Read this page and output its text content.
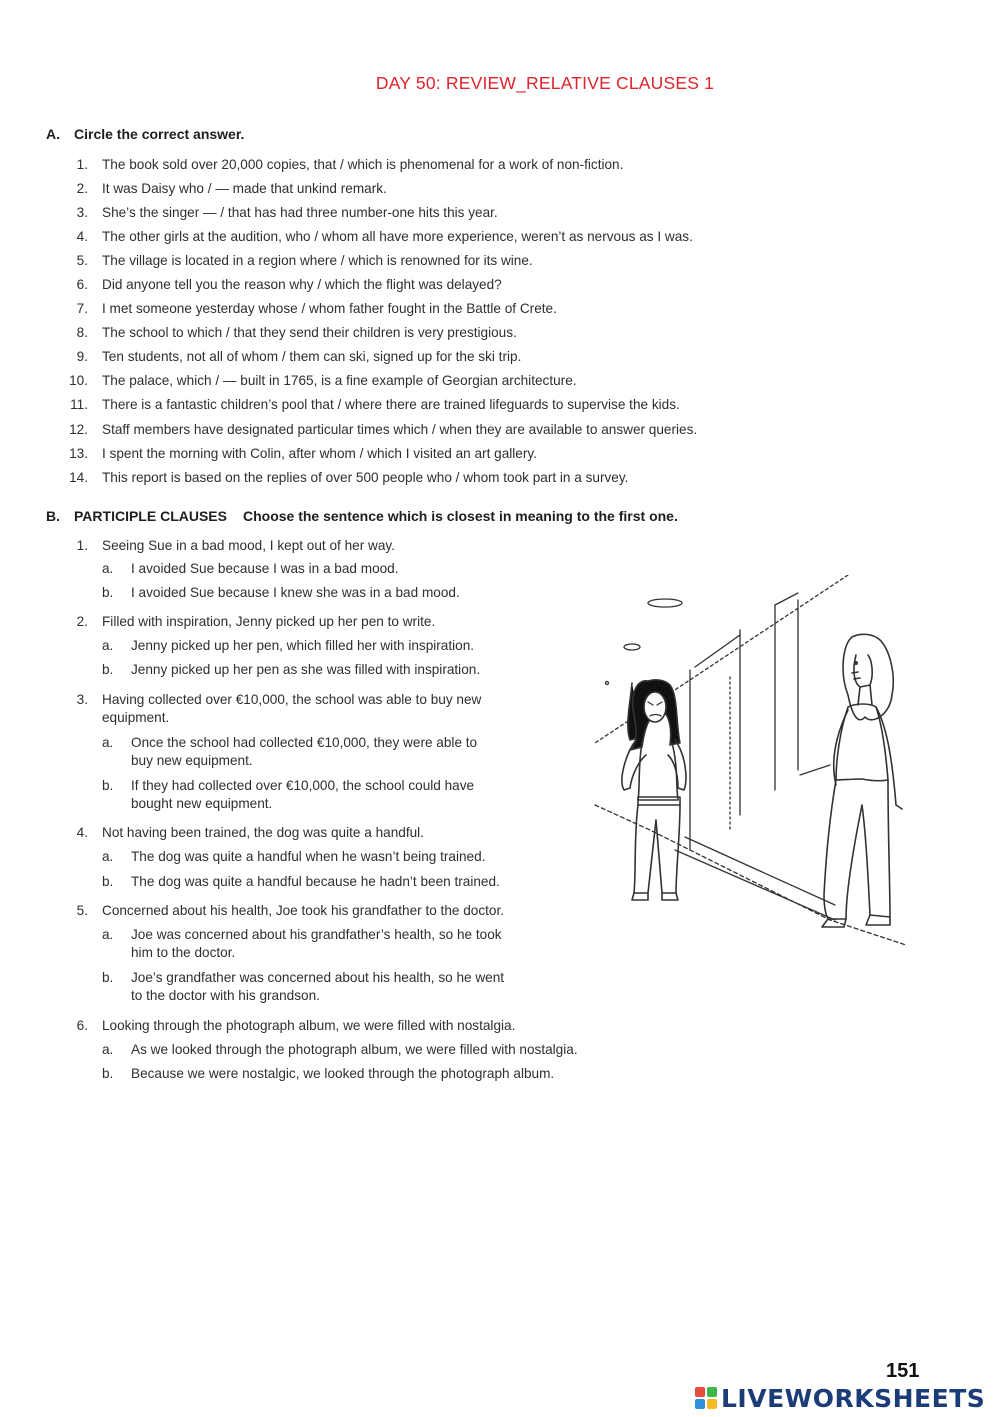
DAY 50: REVIEW_RELATIVE CLAUSES 1
A. Circle the correct answer.
1. The book sold over 20,000 copies, that / which is phenomenal for a work of non-fiction.
2. It was Daisy who / — made that unkind remark.
3. She’s the singer — / that has had three number-one hits this year.
4. The other girls at the audition, who / whom all have more experience, weren’t as nervous as I was.
5. The village is located in a region where / which is renowned for its wine.
6. Did anyone tell you the reason why / which the flight was delayed?
7. I met someone yesterday whose / whom father fought in the Battle of Crete.
8. The school to which / that they send their children is very prestigious.
9. Ten students, not all of whom / them can ski, signed up for the ski trip.
10. The palace, which / — built in 1765, is a fine example of Georgian architecture.
11. There is a fantastic children’s pool that / where there are trained lifeguards to supervise the kids.
12. Staff members have designated particular times which / when they are available to answer queries.
13. I spent the morning with Colin, after whom / which I visited an art gallery.
14. This report is based on the replies of over 500 people who / whom took part in a survey.
B. PARTICIPLE CLAUSES Choose the sentence which is closest in meaning to the first one.
1. Seeing Sue in a bad mood, I kept out of her way.
a.	I avoided Sue because I was in a bad mood.
b.	I avoided Sue because I knew she was in a bad mood.
2. Filled with inspiration, Jenny picked up her pen to write.
a.	Jenny picked up her pen, which filled her with inspiration.
b.	Jenny picked up her pen as she was filled with inspiration.
3. Having collected over €10,000, the school was able to buy new
equipment.
a.	Once the school had collected €10,000, they were able to
buy new equipment.
b.	If they had collected over €10,000, the school could have
bought new equipment.
4. Not having been trained, the dog was quite a handful.
a.	The dog was quite a handful when he wasn’t being trained.
b.	The dog was quite a handful because he hadn’t been trained.
5. Concerned about his health, Joe took his grandfather to the doctor.
a.	Joe was concerned about his grandfather’s health, so he took
him to the doctor.
b.	Joe’s grandfather was concerned about his health, so he went
to the doctor with his grandson.
6. Looking through the photograph album, we were filled with nostalgia.
a.	As we looked through the photograph album, we were filled with nostalgia.
b.	Because we were nostalgic, we looked through the photograph album.
151
LIVEWORKSHEETS
